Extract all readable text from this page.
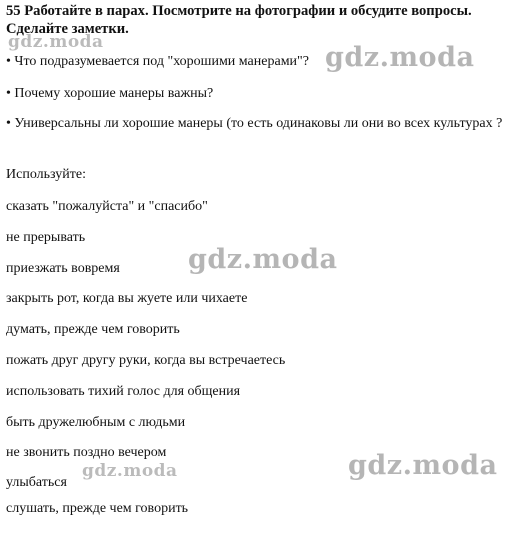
55 Работайте в парах. Посмотрите на фотографии и обсудите вопросы. Сделайте заметки.
• Что подразумевается под "хорошими манерами"?
• Почему хорошие манеры важны?
• Универсальны ли хорошие манеры (то есть одинаковы ли они во всех культурах ?
Используйте:
сказать "пожалуйста" и "спасибо"
не прерывать
приезжать вовремя
закрыть рот, когда вы жуете или чихаете
думать, прежде чем говорить
пожать друг другу руки, когда вы встречаетесь
использовать тихий голос для общения
быть дружелюбным с людьми
не звонить поздно вечером
улыбаться
слушать, прежде чем говорить
gdz.moda	gdz.moda
gdz.moda
gdz.moda	gdz.moda
